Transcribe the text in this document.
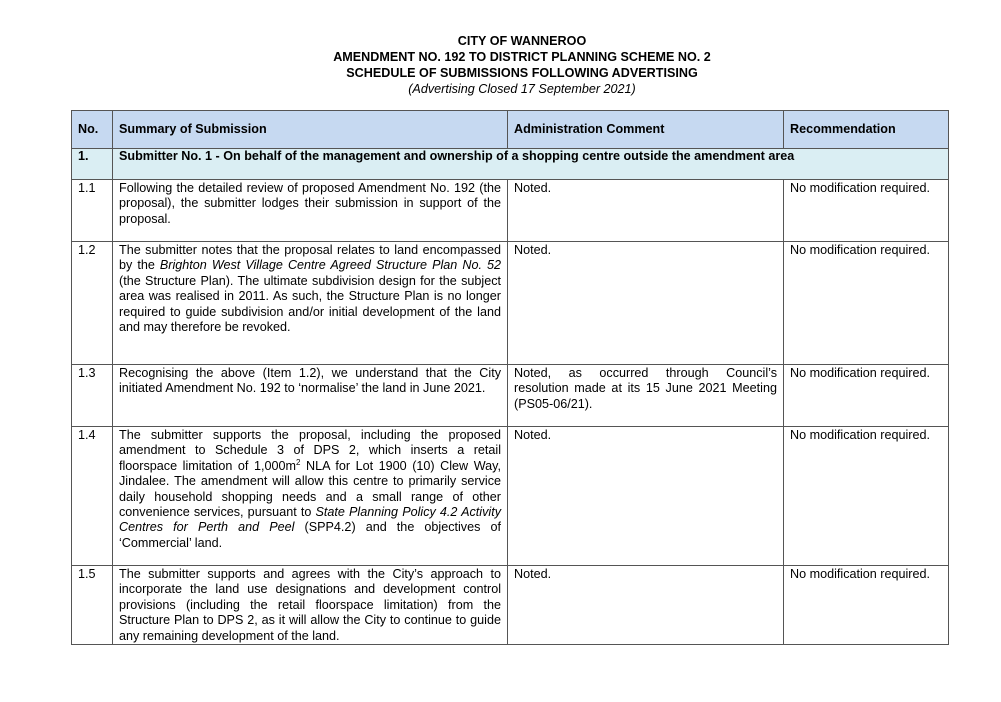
CITY OF WANNEROO
AMENDMENT NO. 192 TO DISTRICT PLANNING SCHEME NO. 2
SCHEDULE OF SUBMISSIONS FOLLOWING ADVERTISING
(Advertising Closed 17 September 2021)
No.	Summary of Submission	Administration Comment	Recommendation
1.	Submitter No. 1 - On behalf of the management and ownership of a shopping centre outside the amendment area		
1.1	Following the detailed review of proposed Amendment No. 192 (the proposal), the submitter lodges their submission in support of the proposal.	Noted.	No modification required.
1.2	The submitter notes that the proposal relates to land encompassed by the Brighton West Village Centre Agreed Structure Plan No. 52 (the Structure Plan). The ultimate subdivision design for the subject area was realised in 2011. As such, the Structure Plan is no longer required to guide subdivision and/or initial development of the land and may therefore be revoked.	Noted.	No modification required.
1.3	Recognising the above (Item 1.2), we understand that the City initiated Amendment No. 192 to ‘normalise’ the land in June 2021.	Noted, as occurred through Council’s resolution made at its 15 June 2021 Meeting (PS05-06/21).	No modification required.
1.4	The submitter supports the proposal, including the proposed amendment to Schedule 3 of DPS 2, which inserts a retail floorspace limitation of $1,000m^2$ NLA for Lot 1900 (10) Clew Way, Jindalee. The amendment will allow this centre to primarily service daily household shopping needs and a small range of other convenience services, pursuant to State Planning Policy 4.2 Activity Centres for Perth and Peel (SPP4.2) and the objectives of ‘Commercial’ land.	Noted.	No modification required.
1.5	The submitter supports and agrees with the City’s approach to incorporate the land use designations and development control provisions (including the retail floorspace limitation) from the Structure Plan to DPS 2, as it will allow the City to continue to guide any remaining development of the land.	Noted.	No modification required.
